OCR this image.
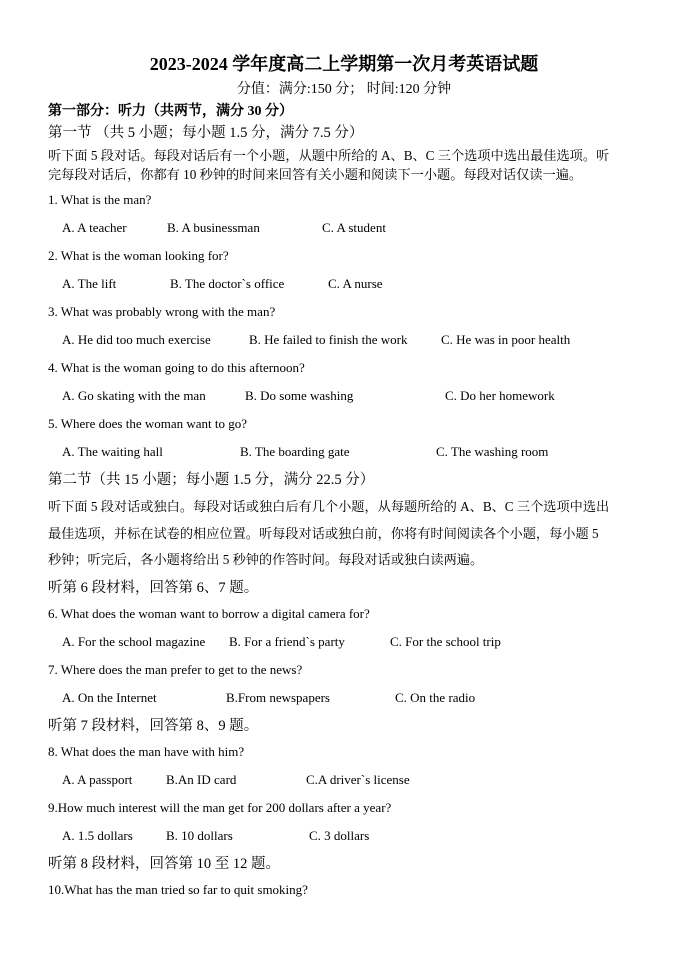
2023-2024 学年度高二上学期第一次月考英语试题
分值：满分:150 分； 时间:120 分钟
第一部分：听力（共两节，满分 30 分）
第一节 （共 5 小题；每小题 1.5 分，满分 7.5 分）
听下面 5 段对话。每段对话后有一个小题，从题中所给的 A、B、C 三个选项中选出最佳选项。听
完每段对话后，你都有 10 秒钟的时间来回答有关小题和阅读下一小题。每段对话仅读一遍。
1. What is the man?
A. A teacher	B. A businessman	C. A student
2. What is the woman looking for?
A. The lift	B. The doctor`s office	C. A nurse
3. What was probably wrong with the man?
A. He did too much exercise	B. He failed to finish the work	C. He was in poor health
4. What is the woman going to do this afternoon?
A. Go skating with the man	B. Do some washing	C. Do her homework
5. Where does the woman want to go?
A. The waiting hall	B. The boarding gate	C. The washing room
第二节（共 15 小题；每小题 1.5 分，满分 22.5 分）
听下面 5 段对话或独白。每段对话或独白后有几个小题，从每题所给的 A、B、C 三个选项中选出
最佳选项，并标在试卷的相应位置。听每段对话或独白前，你将有时间阅读各个小题，每小题 5
秒钟；听完后，各小题将给出 5 秒钟的作答时间。每段对话或独白读两遍。
听第 6 段材料，回答第 6、7 题。
6. What does the woman want to borrow a digital camera for?
A. For the school magazine B. For a friend`s party	C. For the school trip
7. Where does the man prefer to get to the news?
A. On the Internet	B.From newspapers	C. On the radio
听第 7 段材料，回答第 8、9 题。
8. What does the man have with him?
A. A passport	B.An ID card	C.A driver`s license
9.How much interest will the man get for 200 dollars after a year?
A. 1.5 dollars	B. 10 dollars	C. 3 dollars
听第 8 段材料，回答第 10 至 12 题。
10.What has the man tried so far to quit smoking?
